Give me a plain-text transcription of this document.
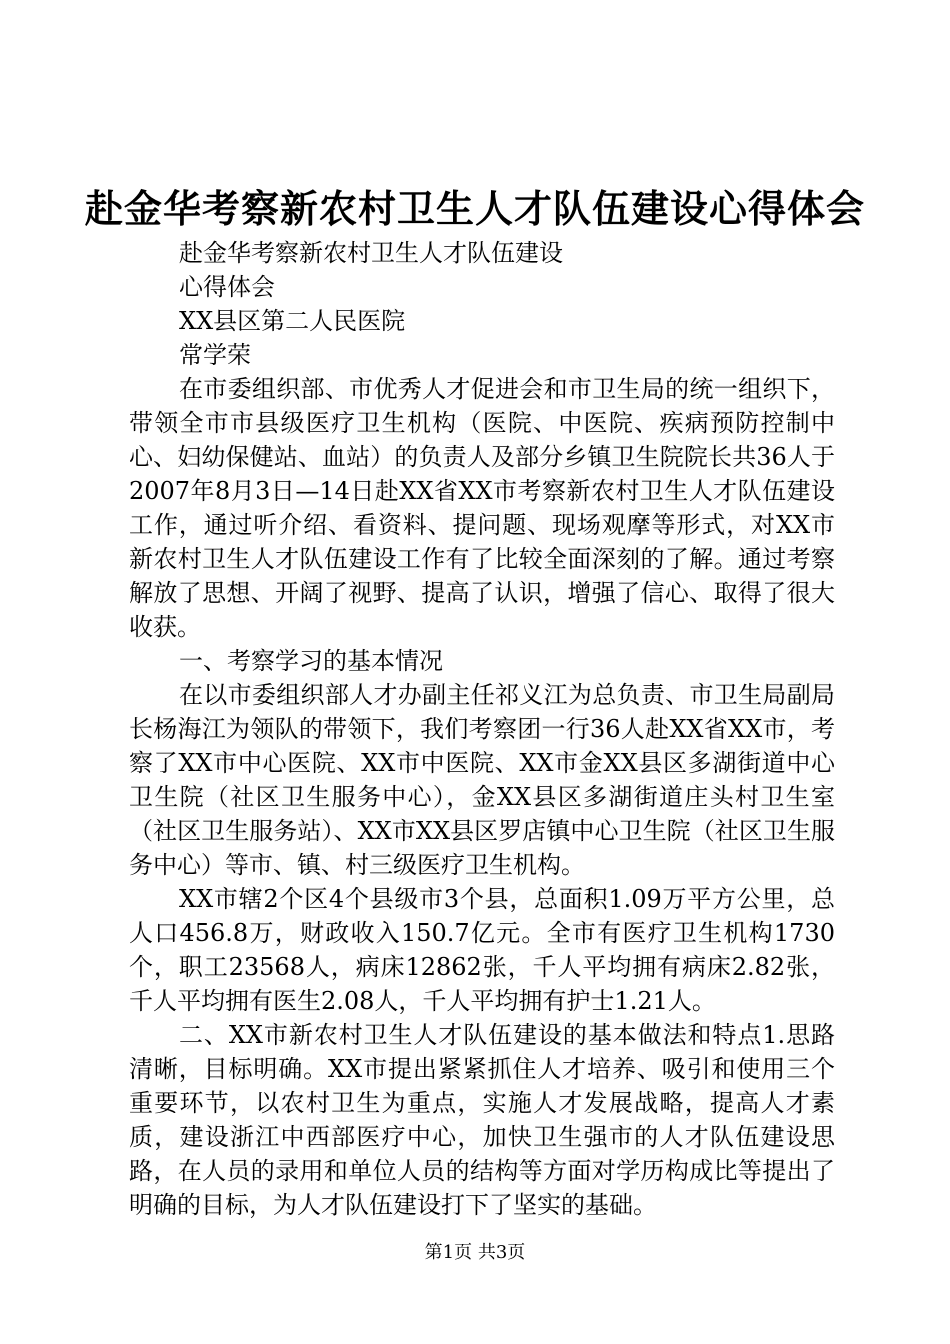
赴金华考察新农村卫生人才队伍建设心得体会

赴金华考察新农村卫生人才队伍建设

心得体会

XX县区第二人民医院

常学荣

在市委组织部、市优秀人才促进会和市卫生局的统一组织下，带领全市市县级医疗卫生机构（医院、中医院、疾病预防控制中心、妇幼保健站、血站）的负责人及部分乡镇卫生院院长共36人于2007年8月3日—14日赴XX省XX市考察新农村卫生人才队伍建设工作，通过听介绍、看资料、提问题、现场观摩等形式，对XX市新农村卫生人才队伍建设工作有了比较全面深刻的了解。通过考察解放了思想、开阔了视野、提高了认识，增强了信心、取得了很大收获。

一、考察学习的基本情况

在以市委组织部人才办副主任祁义江为总负责、市卫生局副局长杨海江为领队的带领下，我们考察团一行36人赴XX省XX市，考察了XX市中心医院、XX市中医院、XX市金XX县区多湖街道中心卫生院（社区卫生服务中心），金XX县区多湖街道庄头村卫生室（社区卫生服务站）、XX市XX县区罗店镇中心卫生院（社区卫生服务中心）等市、镇、村三级医疗卫生机构。

XX市辖2个区4个县级市3个县，总面积1.09万平方公里，总人口456.8万，财政收入150.7亿元。全市有医疗卫生机构1730个，职工23568人，病床12862张，千人平均拥有病床2.82张，千人平均拥有医生2.08人，千人平均拥有护士1.21人。

二、XX市新农村卫生人才队伍建设的基本做法和特点1.思路清晰，目标明确。XX市提出紧紧抓住人才培养、吸引和使用三个重要环节，以农村卫生为重点，实施人才发展战略，提高人才素质，建设浙江中西部医疗中心，加快卫生强市的人才队伍建设思路，在人员的录用和单位人员的结构等方面对学历构成比等提出了明确的目标，为人才队伍建设打下了坚实的基础。

第1页 共3页
